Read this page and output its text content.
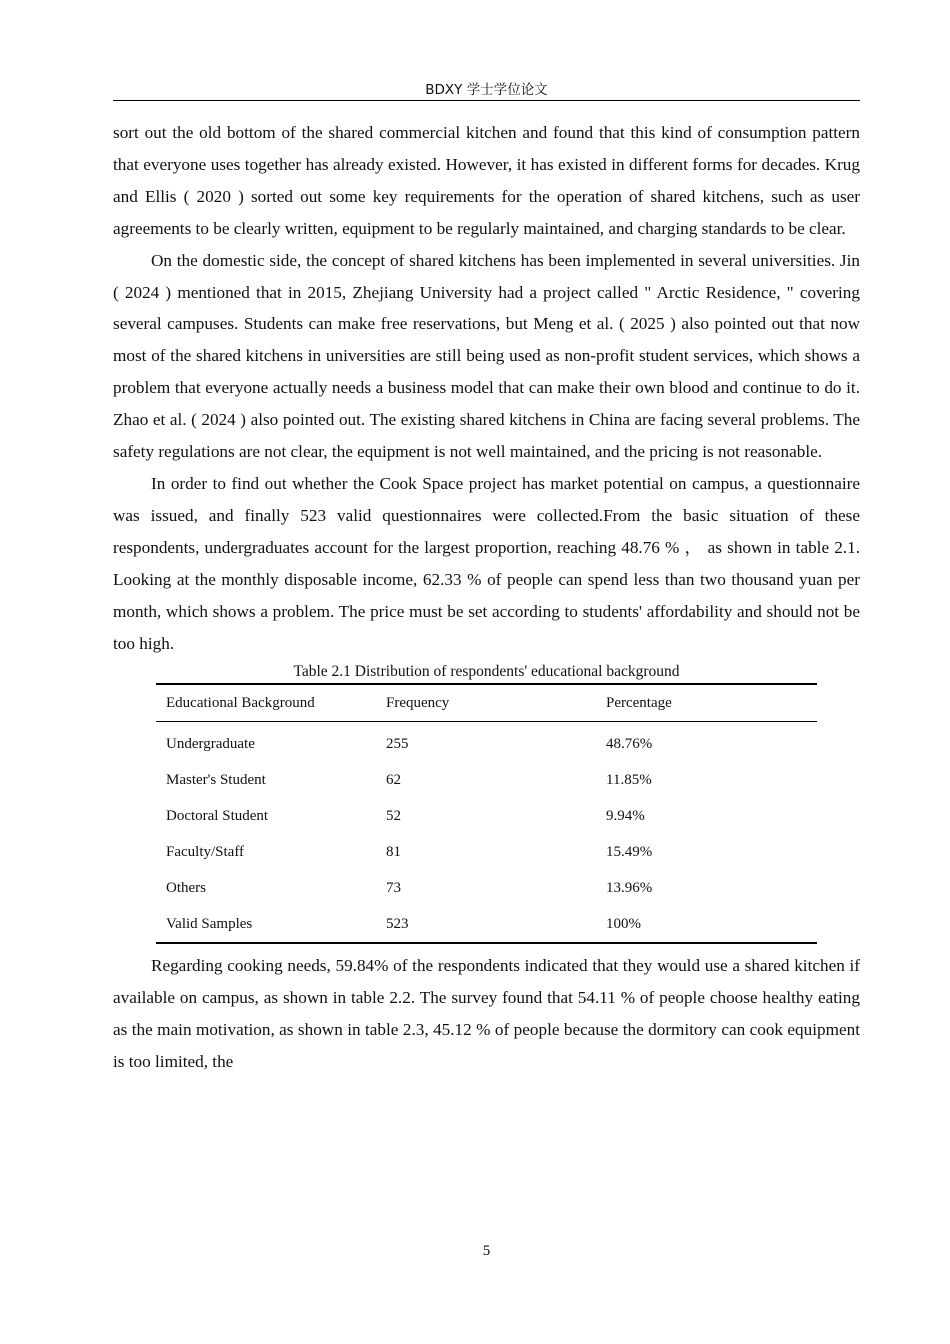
BDXY 学士学位论文

sort out the old bottom of the shared commercial kitchen and found that this kind of consumption pattern that everyone uses together has already existed. However, it has existed in different forms for decades. Krug and Ellis ( 2020 ) sorted out some key requirements for the operation of shared kitchens, such as user agreements to be clearly written, equipment to be regularly maintained, and charging standards to be clear.

On the domestic side, the concept of shared kitchens has been implemented in several universities. Jin ( 2024 ) mentioned that in 2015, Zhejiang University had a project called " Arctic Residence, " covering several campuses. Students can make free reservations, but Meng et al. ( 2025 ) also pointed out that now most of the shared kitchens in universities are still being used as non-profit student services, which shows a problem that everyone actually needs a business model that can make their own blood and continue to do it. Zhao et al. ( 2024 ) also pointed out. The existing shared kitchens in China are facing several problems. The safety regulations are not clear, the equipment is not well maintained, and the pricing is not reasonable.

In order to find out whether the Cook Space project has market potential on campus, a questionnaire was issued, and finally 523 valid questionnaires were collected.From the basic situation of these respondents, undergraduates account for the largest proportion, reaching 48.76 % ， as shown in table 2.1. Looking at the monthly disposable income, 62.33 % of people can spend less than two thousand yuan per month, which shows a problem. The price must be set according to students' affordability and should not be too high.

Table 2.1 Distribution of respondents' educational background

Educational Background	Frequency	Percentage
Undergraduate	255	48.76%
Master's Student	62	11.85%
Doctoral Student	52	9.94%
Faculty/Staff	81	15.49%
Others	73	13.96%
Valid Samples	523	100%

Regarding cooking needs, 59.84% of the respondents indicated that they would use a shared kitchen if available on campus, as shown in table 2.2. The survey found that 54.11 % of people choose healthy eating as the main motivation, as shown in table 2.3, 45.12 % of people because the dormitory can cook equipment is too limited, the

5
